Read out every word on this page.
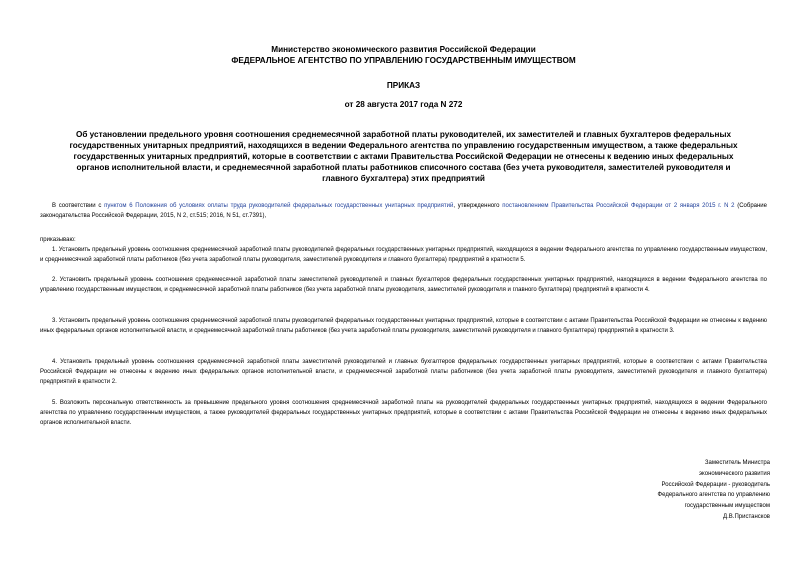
Министерство экономического развития Российской Федерации
ФЕДЕРАЛЬНОЕ АГЕНТСТВО ПО УПРАВЛЕНИЮ ГОСУДАРСТВЕННЫМ ИМУЩЕСТВОМ
ПРИКАЗ
от 28 августа 2017 года N 272
Об установлении предельного уровня соотношения среднемесячной заработной платы руководителей, их заместителей и главных бухгалтеров федеральных
государственных унитарных предприятий, находящихся в ведении Федерального агентства по управлению государственным имуществом, а также федеральных
государственных унитарных предприятий, которые в соответствии с актами Правительства Российской Федерации не отнесены к ведению иных федеральных
органов исполнительной власти, и среднемесячной заработной платы работников списочного состава (без учета руководителя, заместителей руководителя и
главного бухгалтера) этих предприятий
В соответствии с пунктом 6 Положения об условиях оплаты труда руководителей федеральных государственных унитарных предприятий, утвержденного постановлением Правительства Российской Федерации от 2 января 2015 г. N 2 (Собрание законодательства Российской Федерации, 2015, N 2, ст.515; 2016, N 51, ст.7391),
приказываю:
1. Установить предельный уровень соотношения среднемесячной заработной платы руководителей федеральных государственных унитарных предприятий, находящихся в ведении Федерального агентства по управлению государственным имуществом, и среднемесячной заработной платы работников (без учета заработной платы руководителя, заместителей руководителя и главного бухгалтера) предприятий в кратности 5.
2. Установить предельный уровень соотношения среднемесячной заработной платы заместителей руководителей и главных бухгалтеров федеральных государственных унитарных предприятий, находящихся в ведении Федерального агентства по управлению государственным имуществом, и среднемесячной заработной платы работников (без учета заработной платы руководителя, заместителей руководителя и главного бухгалтера) предприятий в кратности 4.
3. Установить предельный уровень соотношения среднемесячной заработной платы руководителей федеральных государственных унитарных предприятий, которые в соответствии с актами Правительства Российской Федерации не отнесены к ведению иных федеральных органов исполнительной власти, и среднемесячной заработной платы работников (без учета заработной платы руководителя, заместителей руководителя и главного бухгалтера) предприятий в кратности 3.
4. Установить предельный уровень соотношения среднемесячной заработной платы заместителей руководителей и главных бухгалтеров федеральных государственных унитарных предприятий, которые в соответствии с актами Правительства Российской Федерации не отнесены к ведению иных федеральных органов исполнительной власти, и среднемесячной заработной платы работников (без учета заработной платы руководителя, заместителей руководителя и главного бухгалтера) предприятий в кратности 2.
5. Возложить персональную ответственность за превышение предельного уровня соотношения среднемесячной заработной платы на руководителей федеральных государственных унитарных предприятий, находящихся в ведении Федерального агентства по управлению государственным имуществом, а также руководителей федеральных государственных унитарных предприятий, которые в соответствии с актами Правительства Российской Федерации не отнесены к ведению иных федеральных органов исполнительной власти.
Заместитель Министра
экономического развития
Российской Федерации - руководитель
Федерального агентства по управлению
государственным имуществом
Д.В.Пристансков
